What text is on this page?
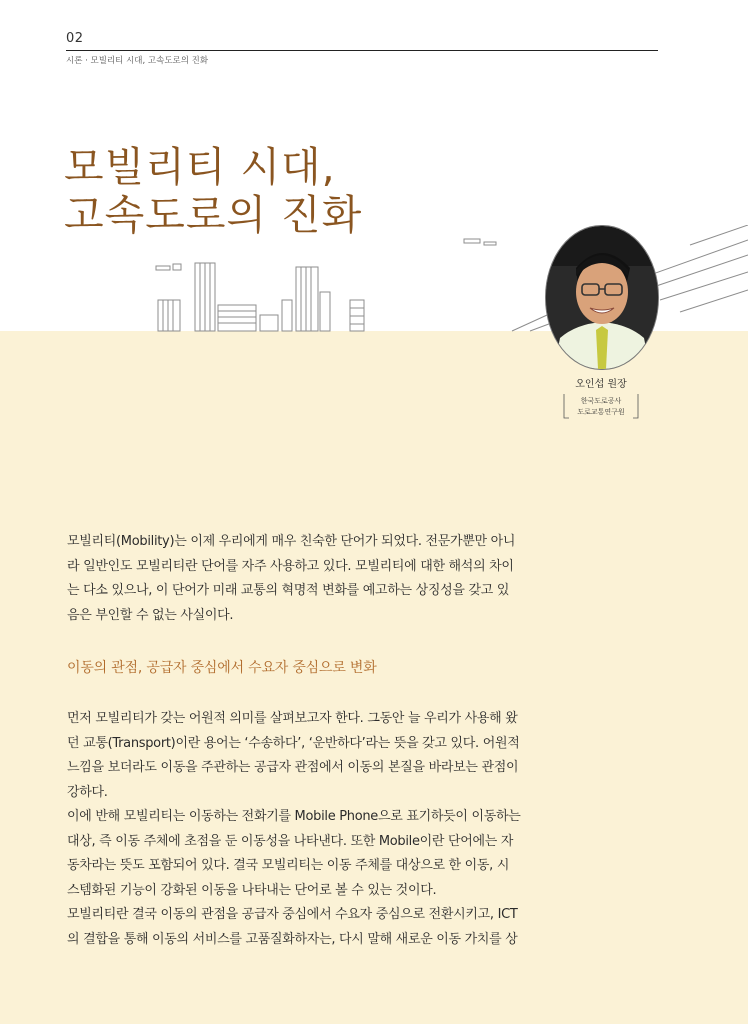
02
시론 · 모빌리티 시대, 고속도로의 진화
모빌리티 시대,
고속도로의 진화
오인섭 원장
한국도로공사
도로교통연구원

모빌리티(Mobility)는 이제 우리에게 매우 친숙한 단어가 되었다. 전문가뿐만 아니
라 일반인도 모빌리티란 단어를 자주 사용하고 있다. 모빌리티에 대한 해석의 차이
는 다소 있으나, 이 단어가 미래 교통의 혁명적 변화를 예고하는 상징성을 갖고 있
음은 부인할 수 없는 사실이다.

이동의 관점, 공급자 중심에서 수요자 중심으로 변화

먼저 모빌리티가 갖는 어원적 의미를 살펴보고자 한다. 그동안 늘 우리가 사용해 왔
던 교통(Transport)이란 용어는 ‘수송하다’, ‘운반하다’라는 뜻을 갖고 있다. 어원적
느낌을 보더라도 이동을 주관하는 공급자 관점에서 이동의 본질을 바라보는 관점이
강하다.
이에 반해 모빌리티는 이동하는 전화기를 Mobile Phone으로 표기하듯이 이동하는
대상, 즉 이동 주체에 초점을 둔 이동성을 나타낸다. 또한 Mobile이란 단어에는 자
동차라는 뜻도 포함되어 있다. 결국 모빌리티는 이동 주체를 대상으로 한 이동, 시
스템화된 기능이 강화된 이동을 나타내는 단어로 볼 수 있는 것이다.
모빌리티란 결국 이동의 관점을 공급자 중심에서 수요자 중심으로 전환시키고, ICT
의 결합을 통해 이동의 서비스를 고품질화하자는, 다시 말해 새로운 이동 가치를 상
